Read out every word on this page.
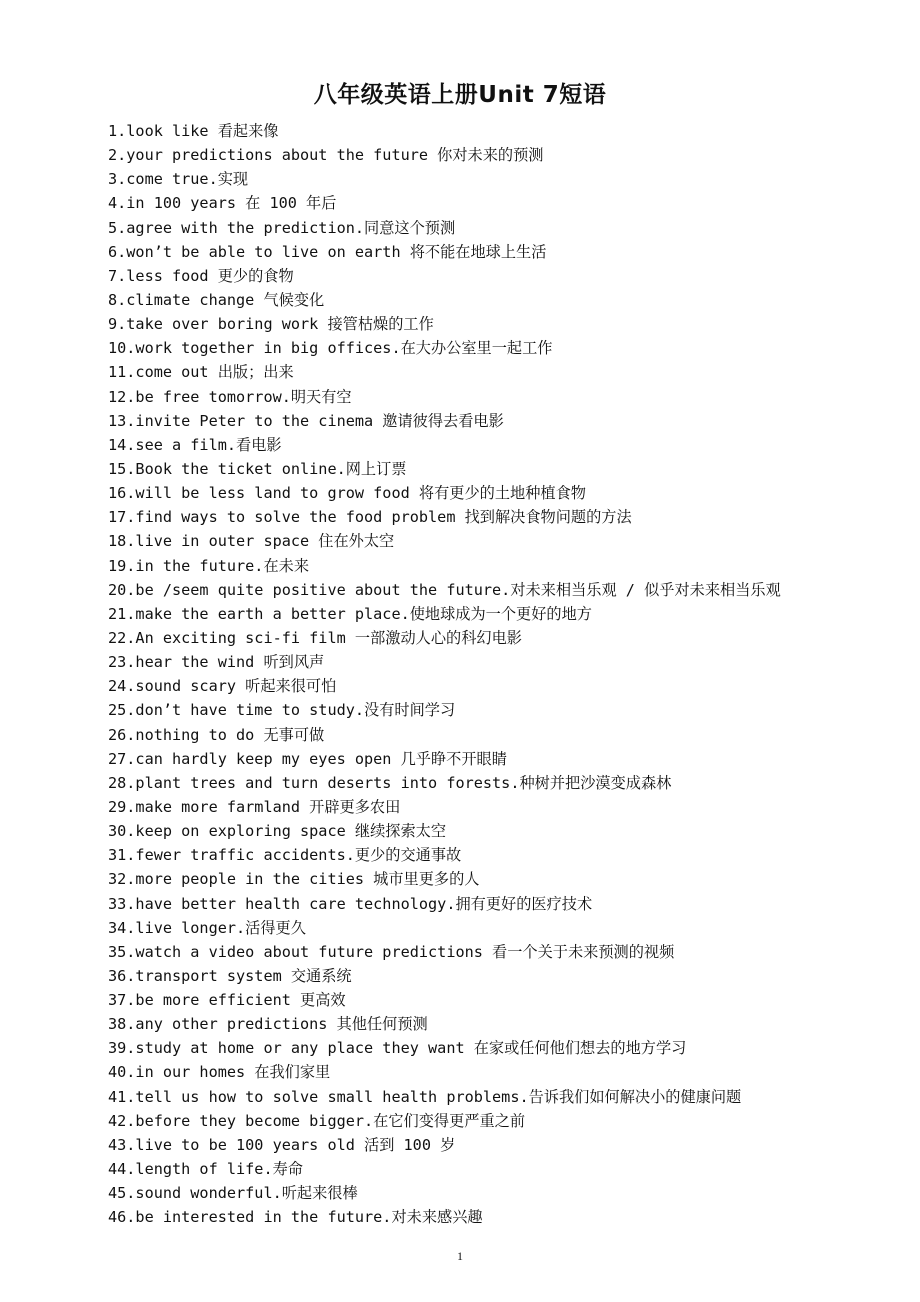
八年级英语上册Unit 7短语
1.look like 看起来像
2.your predictions about the future 你对未来的预测
3.come true.实现
4.in 100 years 在 100 年后
5.agree with the prediction.同意这个预测
6.won’t be able to live on earth 将不能在地球上生活
7.less food 更少的食物
8.climate change 气候变化
9.take over boring work 接管枯燥的工作
10.work together in big offices.在大办公室里一起工作
11.come out 出版；出来
12.be free tomorrow.明天有空
13.invite Peter to the cinema 邀请彼得去看电影
14.see a film.看电影
15.Book the ticket online.网上订票
16.will be less land to grow food 将有更少的土地种植食物
17.find ways to solve the food problem 找到解决食物问题的方法
18.live in outer space 住在外太空
19.in the future.在未来
20.be /seem quite positive about the future.对未来相当乐观 / 似乎对未来相当乐观
21.make the earth a better place.使地球成为一个更好的地方
22.An exciting sci-fi film 一部激动人心的科幻电影
23.hear the wind 听到风声
24.sound scary 听起来很可怕
25.don’t have time to study.没有时间学习
26.nothing to do 无事可做
27.can hardly keep my eyes open 几乎睁不开眼睛
28.plant trees and turn deserts into forests.种树并把沙漠变成森林
29.make more farmland 开辟更多农田
30.keep on exploring space 继续探索太空
31.fewer traffic accidents.更少的交通事故
32.more people in the cities 城市里更多的人
33.have better health care technology.拥有更好的医疗技术
34.live longer.活得更久
35.watch a video about future predictions 看一个关于未来预测的视频
36.transport system 交通系统
37.be more efficient 更高效
38.any other predictions 其他任何预测
39.study at home or any place they want 在家或任何他们想去的地方学习
40.in our homes 在我们家里
41.tell us how to solve small health problems.告诉我们如何解决小的健康问题
42.before they become bigger.在它们变得更严重之前
43.live to be 100 years old 活到 100 岁
44.length of life.寿命
45.sound wonderful.听起来很棒
46.be interested in the future.对未来感兴趣
1
